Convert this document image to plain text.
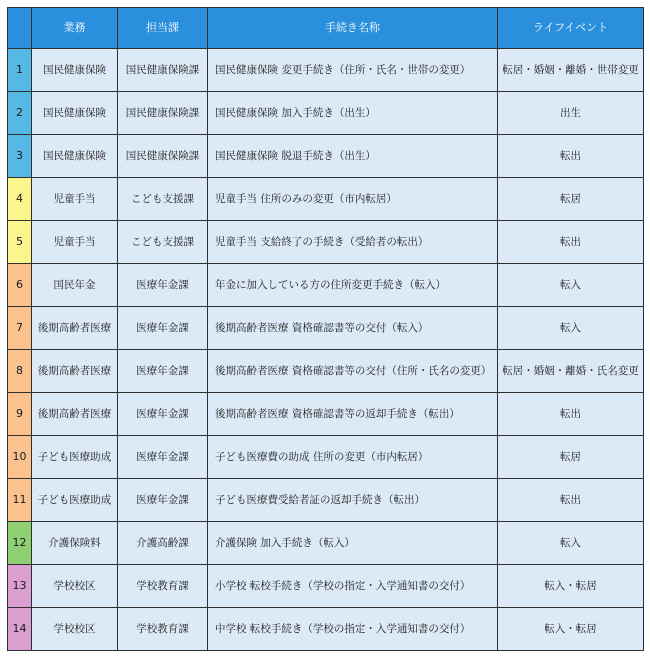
	業務	担当課	手続き名称	ライフイベント
1	国民健康保険	国民健康保険課	国民健康保険 変更手続き（住所・氏名・世帯の変更）	転居・婚姻・離婚・世帯変更
2	国民健康保険	国民健康保険課	国民健康保険 加入手続き（出生）	出生
3	国民健康保険	国民健康保険課	国民健康保険 脱退手続き（出生）	転出
4	児童手当	こども支援課	児童手当 住所のみの変更（市内転居）	転居
5	児童手当	こども支援課	児童手当 支給終了の手続き（受給者の転出）	転出
6	国民年金	医療年金課	年金に加入している方の住所変更手続き（転入）	転入
7	後期高齢者医療	医療年金課	後期高齢者医療 資格確認書等の交付（転入）	転入
8	後期高齢者医療	医療年金課	後期高齢者医療 資格確認書等の交付（住所・氏名の変更）	転居・婚姻・離婚・氏名変更
9	後期高齢者医療	医療年金課	後期高齢者医療 資格確認書等の返却手続き（転出）	転出
10	子ども医療助成	医療年金課	子ども医療費の助成 住所の変更（市内転居）	転居
11	子ども医療助成	医療年金課	子ども医療費受給者証の返却手続き（転出）	転出
12	介護保険料	介護高齢課	介護保険 加入手続き（転入）	転入
13	学校校区	学校教育課	小学校 転校手続き（学校の指定・入学通知書の交付）	転入・転居
14	学校校区	学校教育課	中学校 転校手続き（学校の指定・入学通知書の交付）	転入・転居
